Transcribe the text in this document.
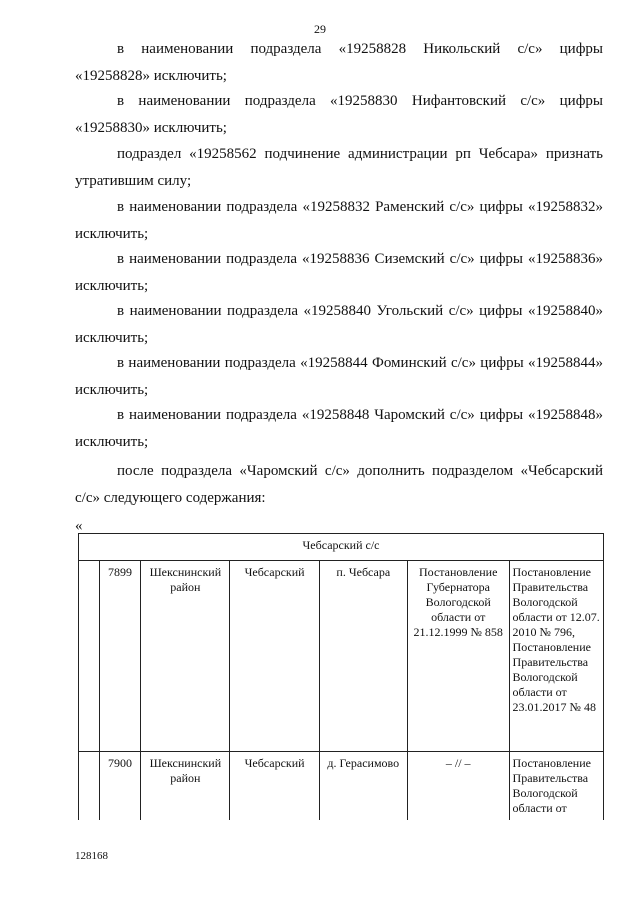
29
в наименовании подраздела «19258828 Никольский с/с» цифры
«19258828» исключить;
в наименовании подраздела «19258830 Нифантовский с/с» цифры
«19258830» исключить;
подраздел «19258562 подчинение администрации рп Чебсара» признать
утратившим силу;
в наименовании подраздела «19258832 Раменский с/с» цифры «19258832»
исключить;
в наименовании подраздела «19258836 Сиземский с/с» цифры «19258836»
исключить;
в наименовании подраздела «19258840 Угольский с/с» цифры «19258840»
исключить;
в наименовании подраздела «19258844 Фоминский с/с» цифры «19258844»
исключить;
в наименовании подраздела «19258848 Чаромский с/с» цифры «19258848»
исключить;
после подраздела «Чаромский с/с» дополнить подразделом «Чебсарский
с/с» следующего содержания:
«
Чебсарский с/с						
	7899	Шекснинский район	Чебсарский	п. Чебсара	Постановление Губернатора Вологодской области от 21.12.1999 № 858	Постановление Правительства Вологодской области от 12.07. 2010 № 796, Постановление Правительства Вологодской области от 23.01.2017 № 48
	7900	Шекснинский район	Чебсарский	д. Герасимово	– // –	Постановление Правительства Вологодской области от
128168
